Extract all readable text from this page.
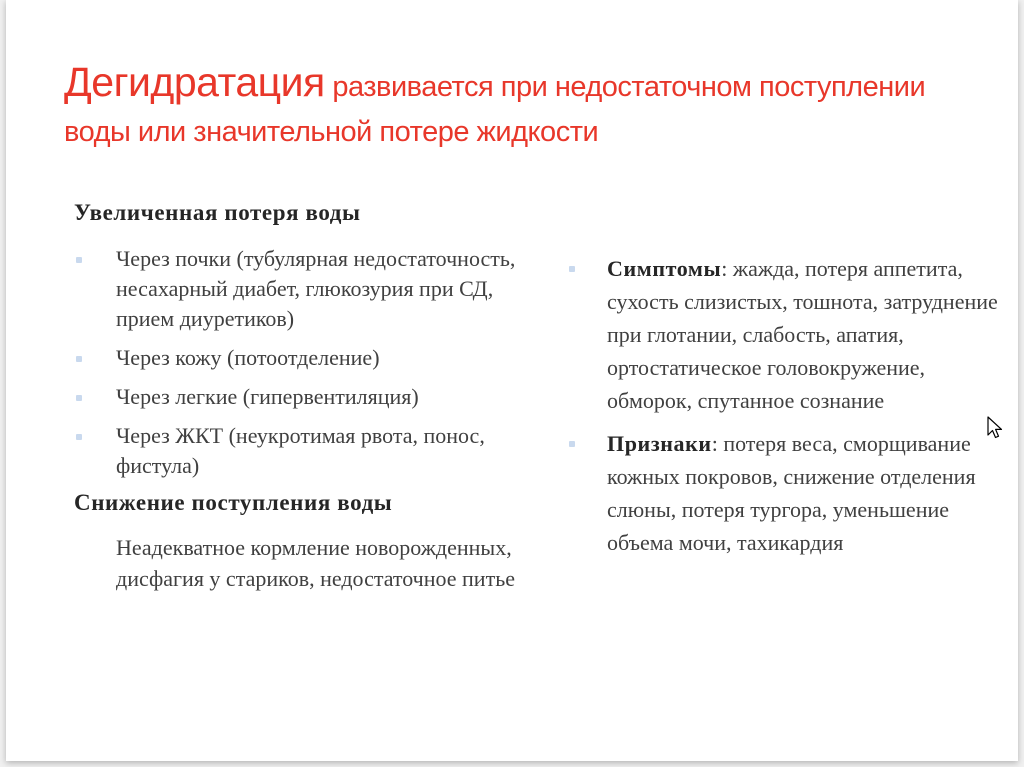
Дегидратация развивается при недостаточном поступлении воды или значительной потере жидкости
Увеличенная потеря воды
Через почки (тубулярная недостаточность, несахарный диабет, глюкозурия при СД, прием диуретиков)
Через кожу (потоотделение)
Через легкие (гипервентиляция)
Через ЖКТ (неукротимая рвота, понос, фистула)
Снижение поступления воды
Неадекватное кормление новорожденных, дисфагия у стариков, недостаточное питье
Симптомы: жажда, потеря аппетита, сухость слизистых, тошнота, затруднение при глотании, слабость, апатия, ортостатическое головокружение, обморок, спутанное сознание
Признаки: потеря веса, сморщивание кожных покровов, снижение отделения слюны, потеря тургора, уменьшение объема мочи, тахикардия
